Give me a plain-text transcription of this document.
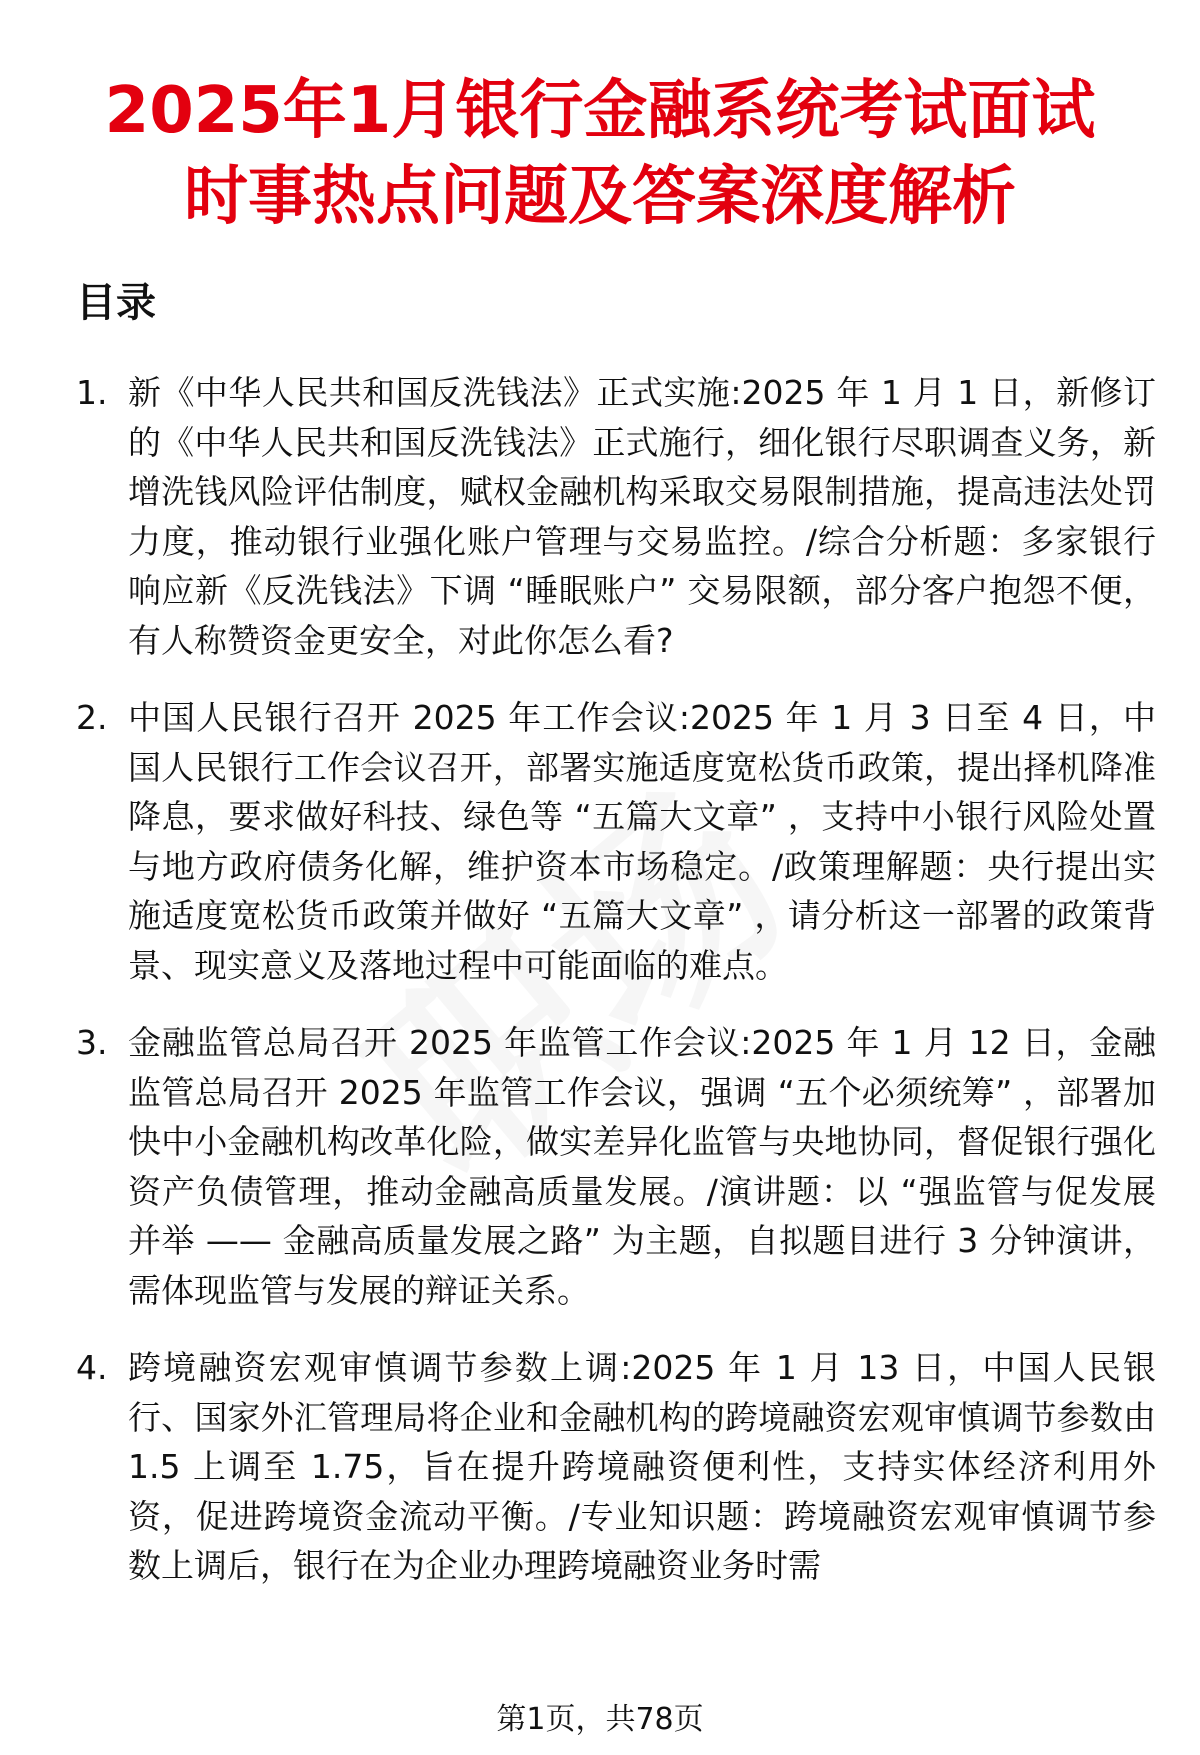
2025年1月银行金融系统考试面试
时事热点问题及答案深度解析
目录
1. 新《中华人民共和国反洗钱法》正式实施:2025 年 1 月 1 日，新修订的《中华人民共和国反洗钱法》正式施行，细化银行尽职调查义务，新增洗钱风险评估制度，赋权金融机构采取交易限制措施，提高违法处罚力度，推动银行业强化账户管理与交易监控。/综合分析题：多家银行响应新《反洗钱法》下调 “睡眠账户” 交易限额，部分客户抱怨不便，有人称赞资金更安全，对此你怎么看?
2. 中国人民银行召开 2025 年工作会议:2025 年 1 月 3 日至 4 日，中国人民银行工作会议召开，部署实施适度宽松货币政策，提出择机降准降息，要求做好科技、绿色等 “五篇大文章” ，支持中小银行风险处置与地方政府债务化解，维护资本市场稳定。/政策理解题：央行提出实施适度宽松货币政策并做好 “五篇大文章” ，请分析这一部署的政策背景、现实意义及落地过程中可能面临的难点。
3. 金融监管总局召开 2025 年监管工作会议:2025 年 1 月 12 日，金融监管总局召开 2025 年监管工作会议，强调 “五个必须统筹” ，部署加快中小金融机构改革化险，做实差异化监管与央地协同，督促银行强化资产负债管理，推动金融高质量发展。/演讲题：以 “强监管与促发展并举 —— 金融高质量发展之路” 为主题，自拟题目进行 3 分钟演讲，需体现监管与发展的辩证关系。
4. 跨境融资宏观审慎调节参数上调:2025 年 1 月 13 日，中国人民银行、国家外汇管理局将企业和金融机构的跨境融资宏观审慎调节参数由 1.5 上调至 1.75，旨在提升跨境融资便利性，支持实体经济利用外资，促进跨境资金流动平衡。/专业知识题：跨境融资宏观审慎调节参数上调后，银行在为企业办理跨境融资业务时需
第1页，共78页
